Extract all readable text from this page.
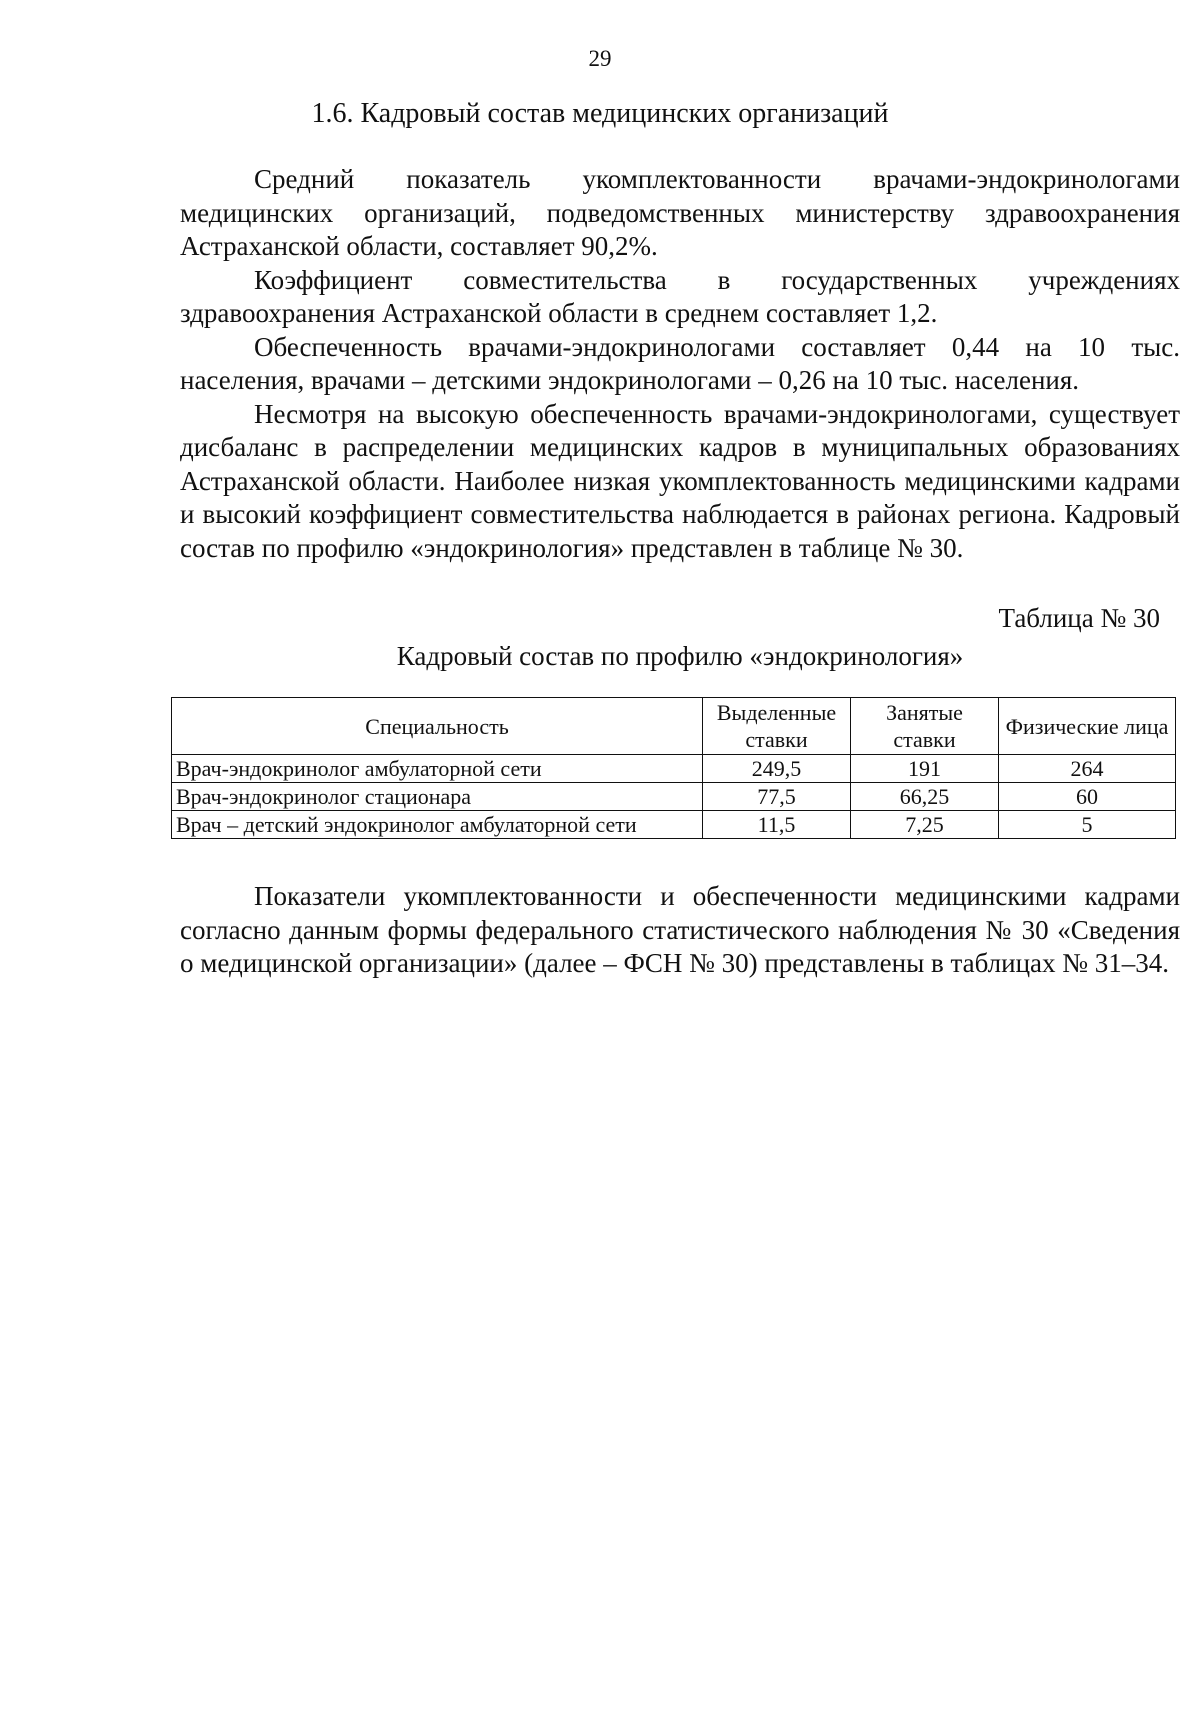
29
1.6. Кадровый состав медицинских организаций

Средний показатель укомплектованности врачами-эндокринологами медицинских организаций, подведомственных министерству здравоохранения Астраханской области, составляет 90,2%.

Коэффициент совместительства в государственных учреждениях здравоохранения Астраханской области в среднем составляет 1,2.

Обеспеченность врачами-эндокринологами составляет 0,44 на 10 тыс. населения, врачами – детскими эндокринологами – 0,26 на 10 тыс. населения.

Несмотря на высокую обеспеченность врачами-эндокринологами, существует дисбаланс в распределении медицинских кадров в муниципальных образованиях Астраханской области. Наиболее низкая укомплектованность медицинскими кадрами и высокий коэффициент совместительства наблюдается в районах региона. Кадровый состав по профилю «эндокринология» представлен в таблице № 30.

Таблица № 30
Кадровый состав по профилю «эндокринология»
Специальность	Выделенные ставки	Занятые ставки	Физические лица
Врач-эндокринолог амбулаторной сети	249,5	191	264
Врач-эндокринолог стационара	77,5	66,25	60
Врач – детский эндокринолог амбулаторной сети	11,5	7,25	5

Показатели укомплектованности и обеспеченности медицинскими кадрами согласно данным формы федерального статистического наблюдения № 30 «Сведения о медицинской организации» (далее – ФСН № 30) представлены в таблицах № 31–34.
